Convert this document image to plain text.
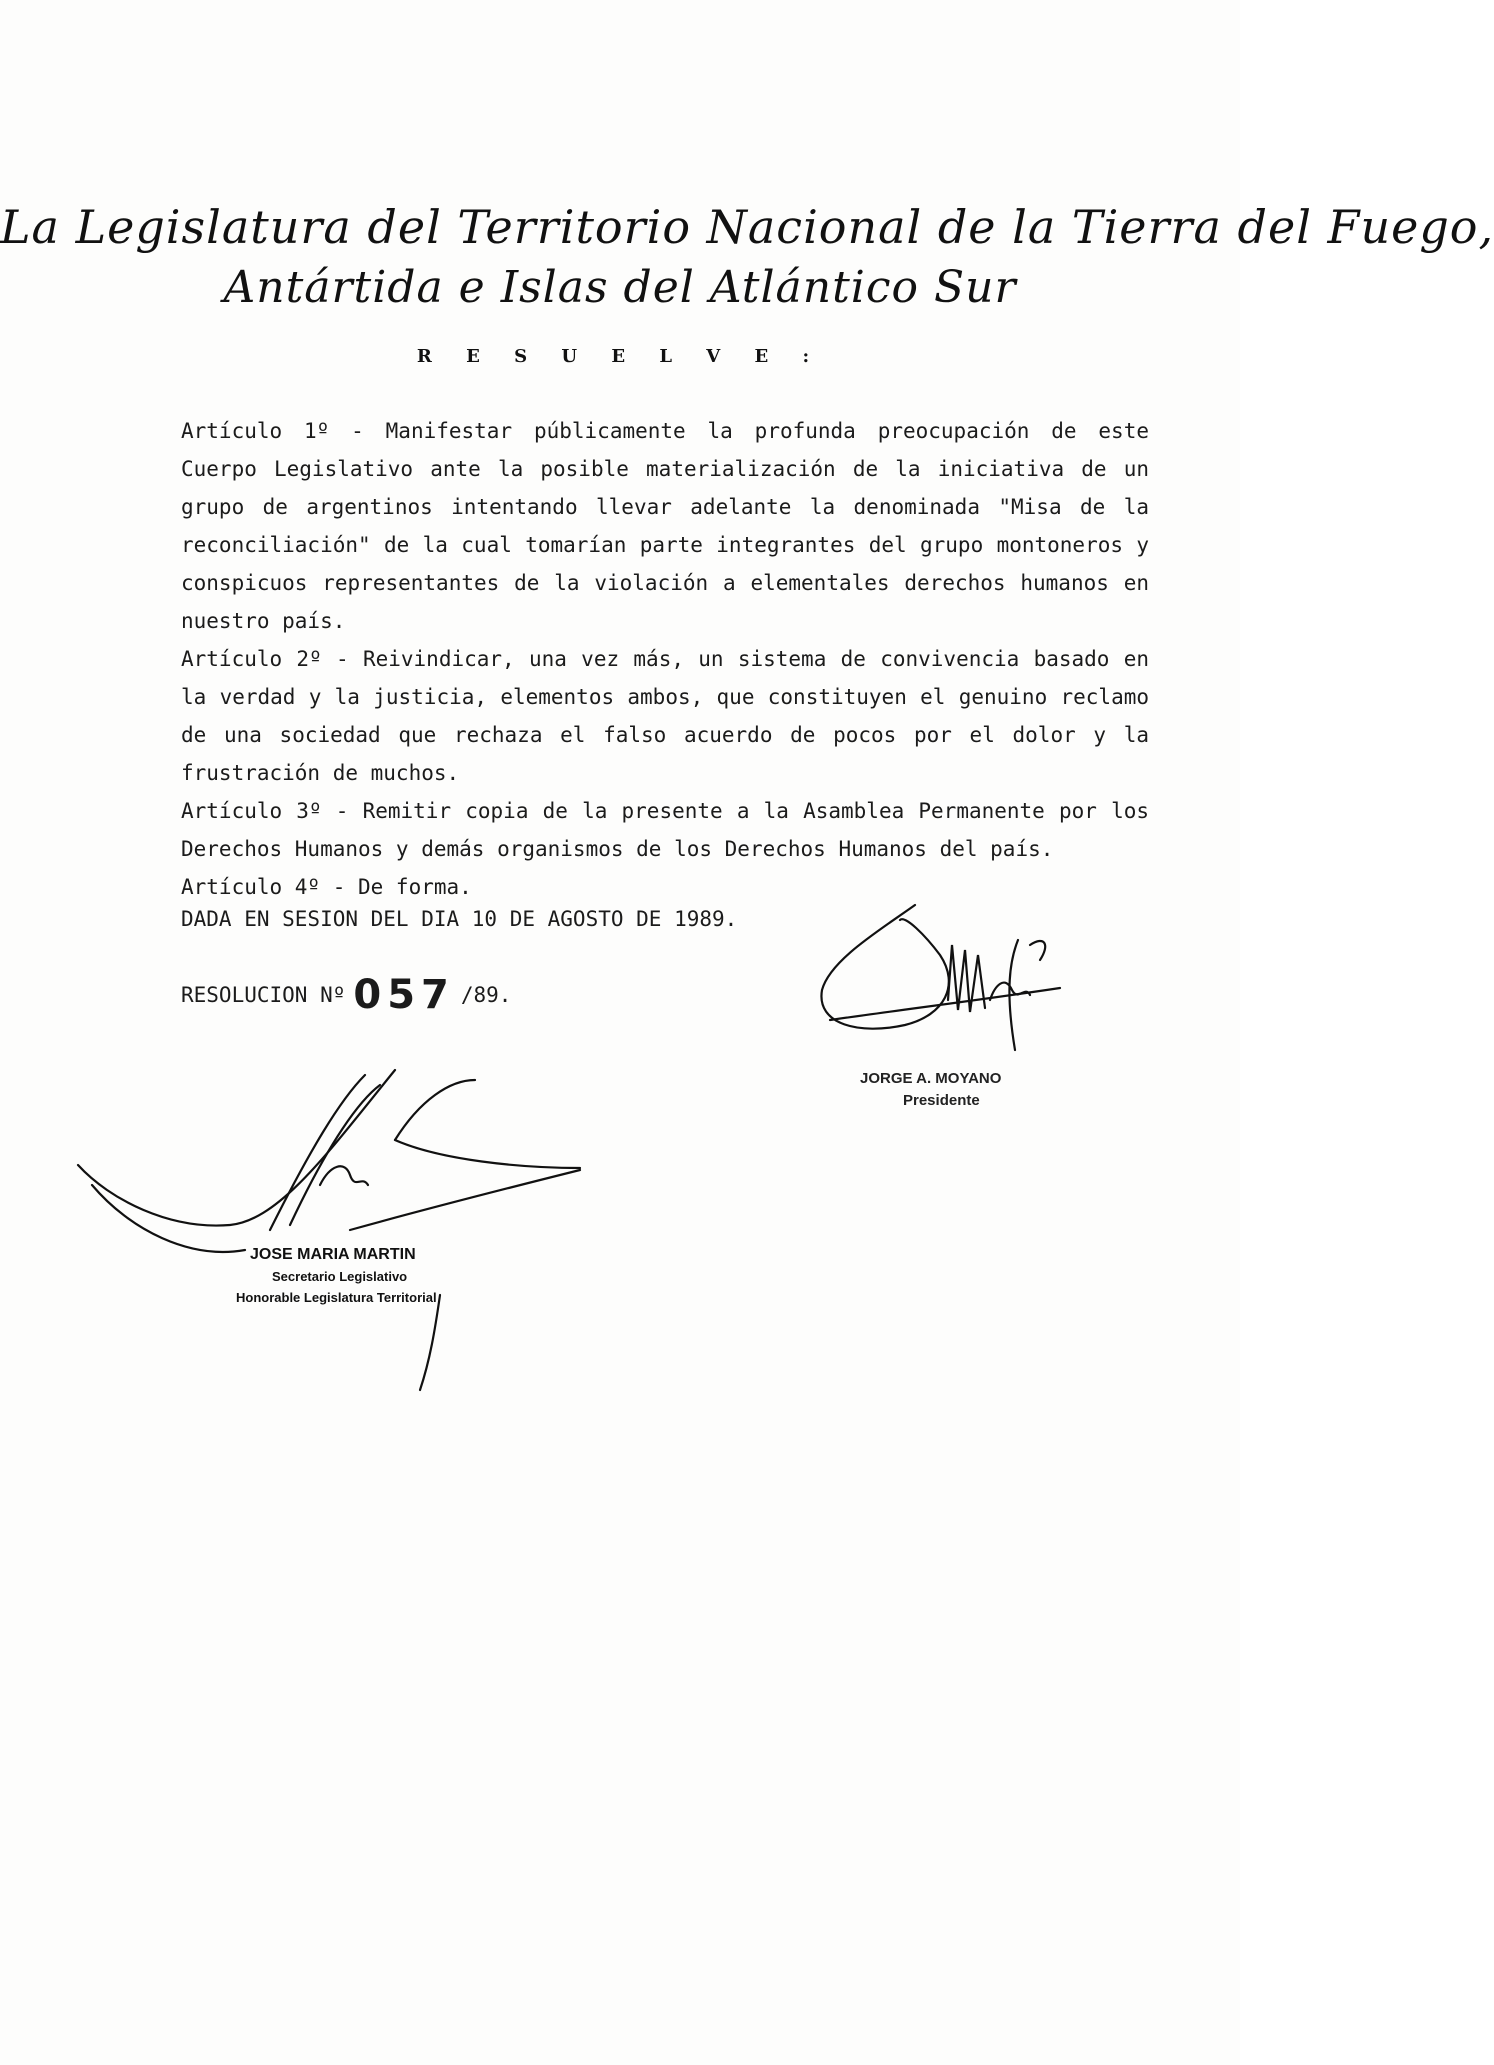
La Legislatura del Territorio Nacional de la Tierra del Fuego,
Antártida e Islas del Atlántico Sur
R E S U E L V E :

Artículo 1º - Manifestar públicamente la profunda preocupación de este Cuerpo Legislativo ante la posible materialización de la iniciativa de un grupo de argentinos intentando llevar adelante la denominada "Misa de la reconciliación" de la cual tomarían parte integrantes del grupo montoneros y conspicuos representantes de la violación a elementales derechos humanos en nuestro país.

Artículo 2º - Reivindicar, una vez más, un sistema de convivencia basado en la verdad y la justicia, elementos ambos, que constituyen el genuino reclamo de una sociedad que rechaza el falso acuerdo de pocos por el dolor y la frustración de muchos.

Artículo 3º - Remitir copia de la presente a la Asamblea Permanente por los Derechos Humanos y demás organismos de los Derechos Humanos del país.

Artículo 4º - De forma.

DADA EN SESION DEL DIA 10 DE AGOSTO DE 1989.
RESOLUCION Nº 057 /89.
JORGE A. MOYANO
Presidente
JOSE MARIA MARTIN
Secretario Legislativo
Honorable Legislatura Territorial
